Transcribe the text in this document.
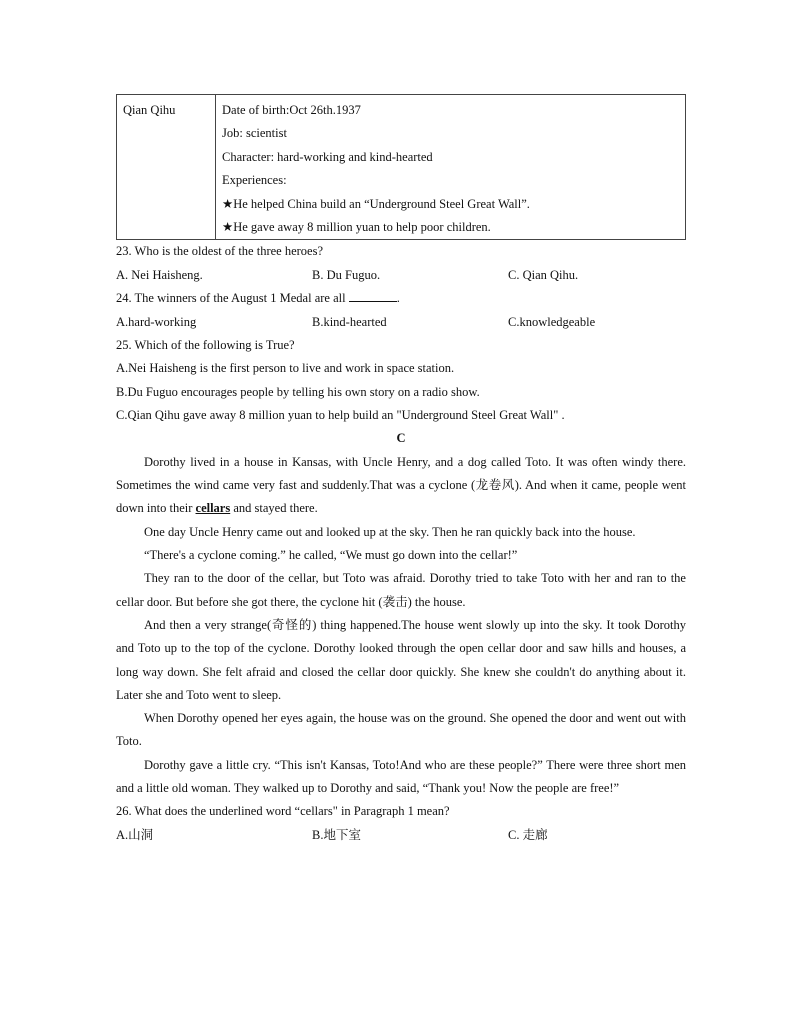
Qian Qihu	Date of birth:Oct 26th.1937
Job: scientist
Character: hard-working and kind-hearted
Experiences:
★He helped China build an “Underground Steel Great Wall”.
★He gave away 8 million yuan to help poor children.
23. Who is the oldest of the three heroes?
A. Nei Haisheng.	B. Du Fuguo.	C. Qian Qihu.
24. The winners of the August 1 Medal are all	.
A.hard-working	B.kind-hearted	C.knowledgeable
25. Which of the following is True?
A.Nei Haisheng is the first person to live and work in space station.
B.Du Fuguo encourages people by telling his own story on a radio show.
C.Qian Qihu gave away 8 million yuan to help build an "Underground Steel Great Wall" .
C

Dorothy lived in a house in Kansas, with Uncle Henry, and a dog called Toto. It was often windy there. Sometimes the wind came very fast and suddenly.That was a cyclone (龙卷风). And when it came, people went down into their cellars and stayed there.

One day Uncle Henry came out and looked up at the sky. Then he ran quickly back into the house.

“There's a cyclone coming.” he called, “We must go down into the cellar!”

They ran to the door of the cellar, but Toto was afraid. Dorothy tried to take Toto with her and ran to the cellar door. But before she got there, the cyclone hit (袭击) the house.

And then a very strange(奇怪的) thing happened.The house went slowly up into the sky. It took Dorothy and Toto up to the top of the cyclone. Dorothy looked through the open cellar door and saw hills and houses, a long way down. She felt afraid and closed the cellar door quickly. She knew she couldn't do anything about it. Later she and Toto went to sleep.

When Dorothy opened her eyes again, the house was on the ground. She opened the door and went out with Toto.

Dorothy gave a little cry. “This isn't Kansas, Toto!And who are these people?” There were three short men and a little old woman. They walked up to Dorothy and said, “Thank you! Now the people are free!”

26. What does the underlined word “cellars" in Paragraph 1 mean?
A.山洞	B.地下室	C. 走廊
